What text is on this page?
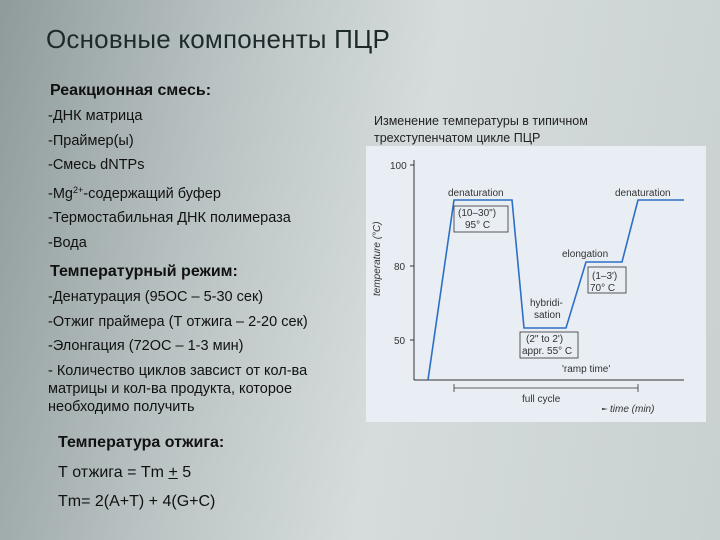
Основные компоненты ПЦР
Реакционная смесь:
-ДНК матрица
-Праймер(ы)
-Смесь dNTPs
$-Mg^{2+}$-содержащий буфер
-Термостабильная ДНК полимераза
-Вода
Температурный режим:
-Денатурация (95ОС – 5-30 сек)
-Отжиг праймера (Т отжига – 2-20 сек)
-Элонгация (72ОС – 1-3 мин)
- Количество циклов завсист от кол-ва матрицы и кол-ва продукта, которое необходимо получить
Температура отжига:
Т отжига = Tm + 5
Tm= 2(A+T) + 4(G+C)
Изменение температуры в типичном трехступенчатом цикле ПЦР
temperature (°C)
100
80
50
denaturation
(10–30")
95° C
denaturation
elongation
(1–3')
70° C
hybridi-
sation
(2" to 2')
appr. 55° C
'ramp time'
full cycle
time (min)
